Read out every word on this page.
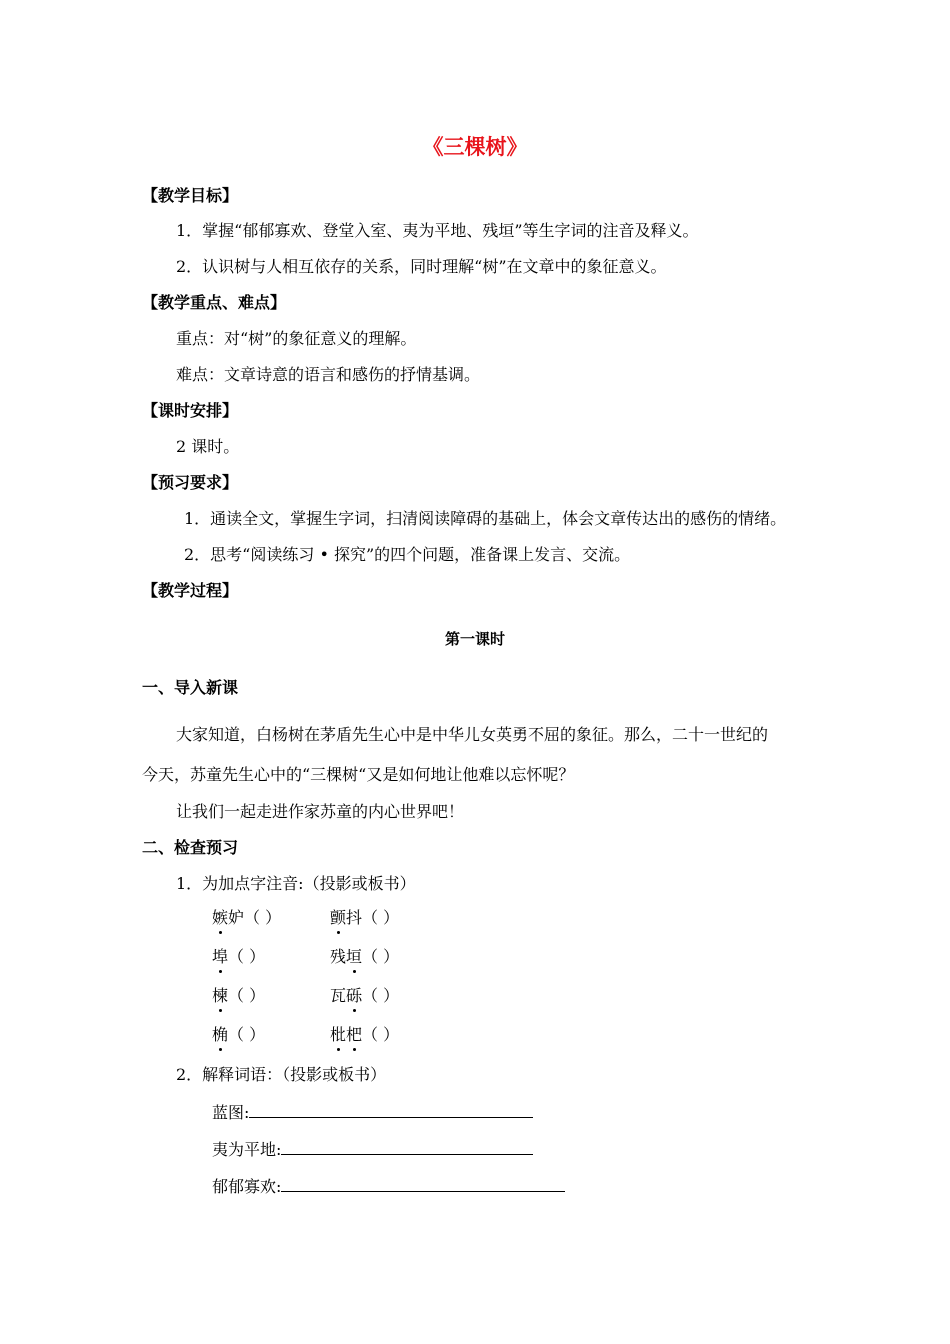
《三棵树》
【教学目标】
1．掌握“郁郁寡欢、登堂入室、夷为平地、残垣”等生字词的注音及释义。
2．认识树与人相互依存的关系，同时理解“树”在文章中的象征意义。
【教学重点、难点】
重点：对“树”的象征意义的理解。
难点：文章诗意的语言和感伤的抒情基调。
【课时安排】
2 课时。
【预习要求】
1．通读全文，掌握生字词，扫清阅读障碍的基础上，体会文章传达出的感伤的情绪。
2．思考“阅读练习 • 探究”的四个问题，准备课上发言、交流。
【教学过程】
第一课时
一、导入新课
大家知道，白杨树在茅盾先生心中是中华儿女英勇不屈的象征。那么，二十一世纪的
今天，苏童先生心中的“三棵树“又是如何地让他难以忘怀呢？
让我们一起走进作家苏童的内心世界吧！
二、检查预习
1．为加点字注音:（投影或板书）
嫉妒（ ）
埠（ ）
楝（ ）
桷（ ）
颤抖（ ）
残垣（ ）
瓦砾（ ）
枇杷（ ）
2．解释词语：（投影或板书）
蓝图:
夷为平地:
郁郁寡欢:
